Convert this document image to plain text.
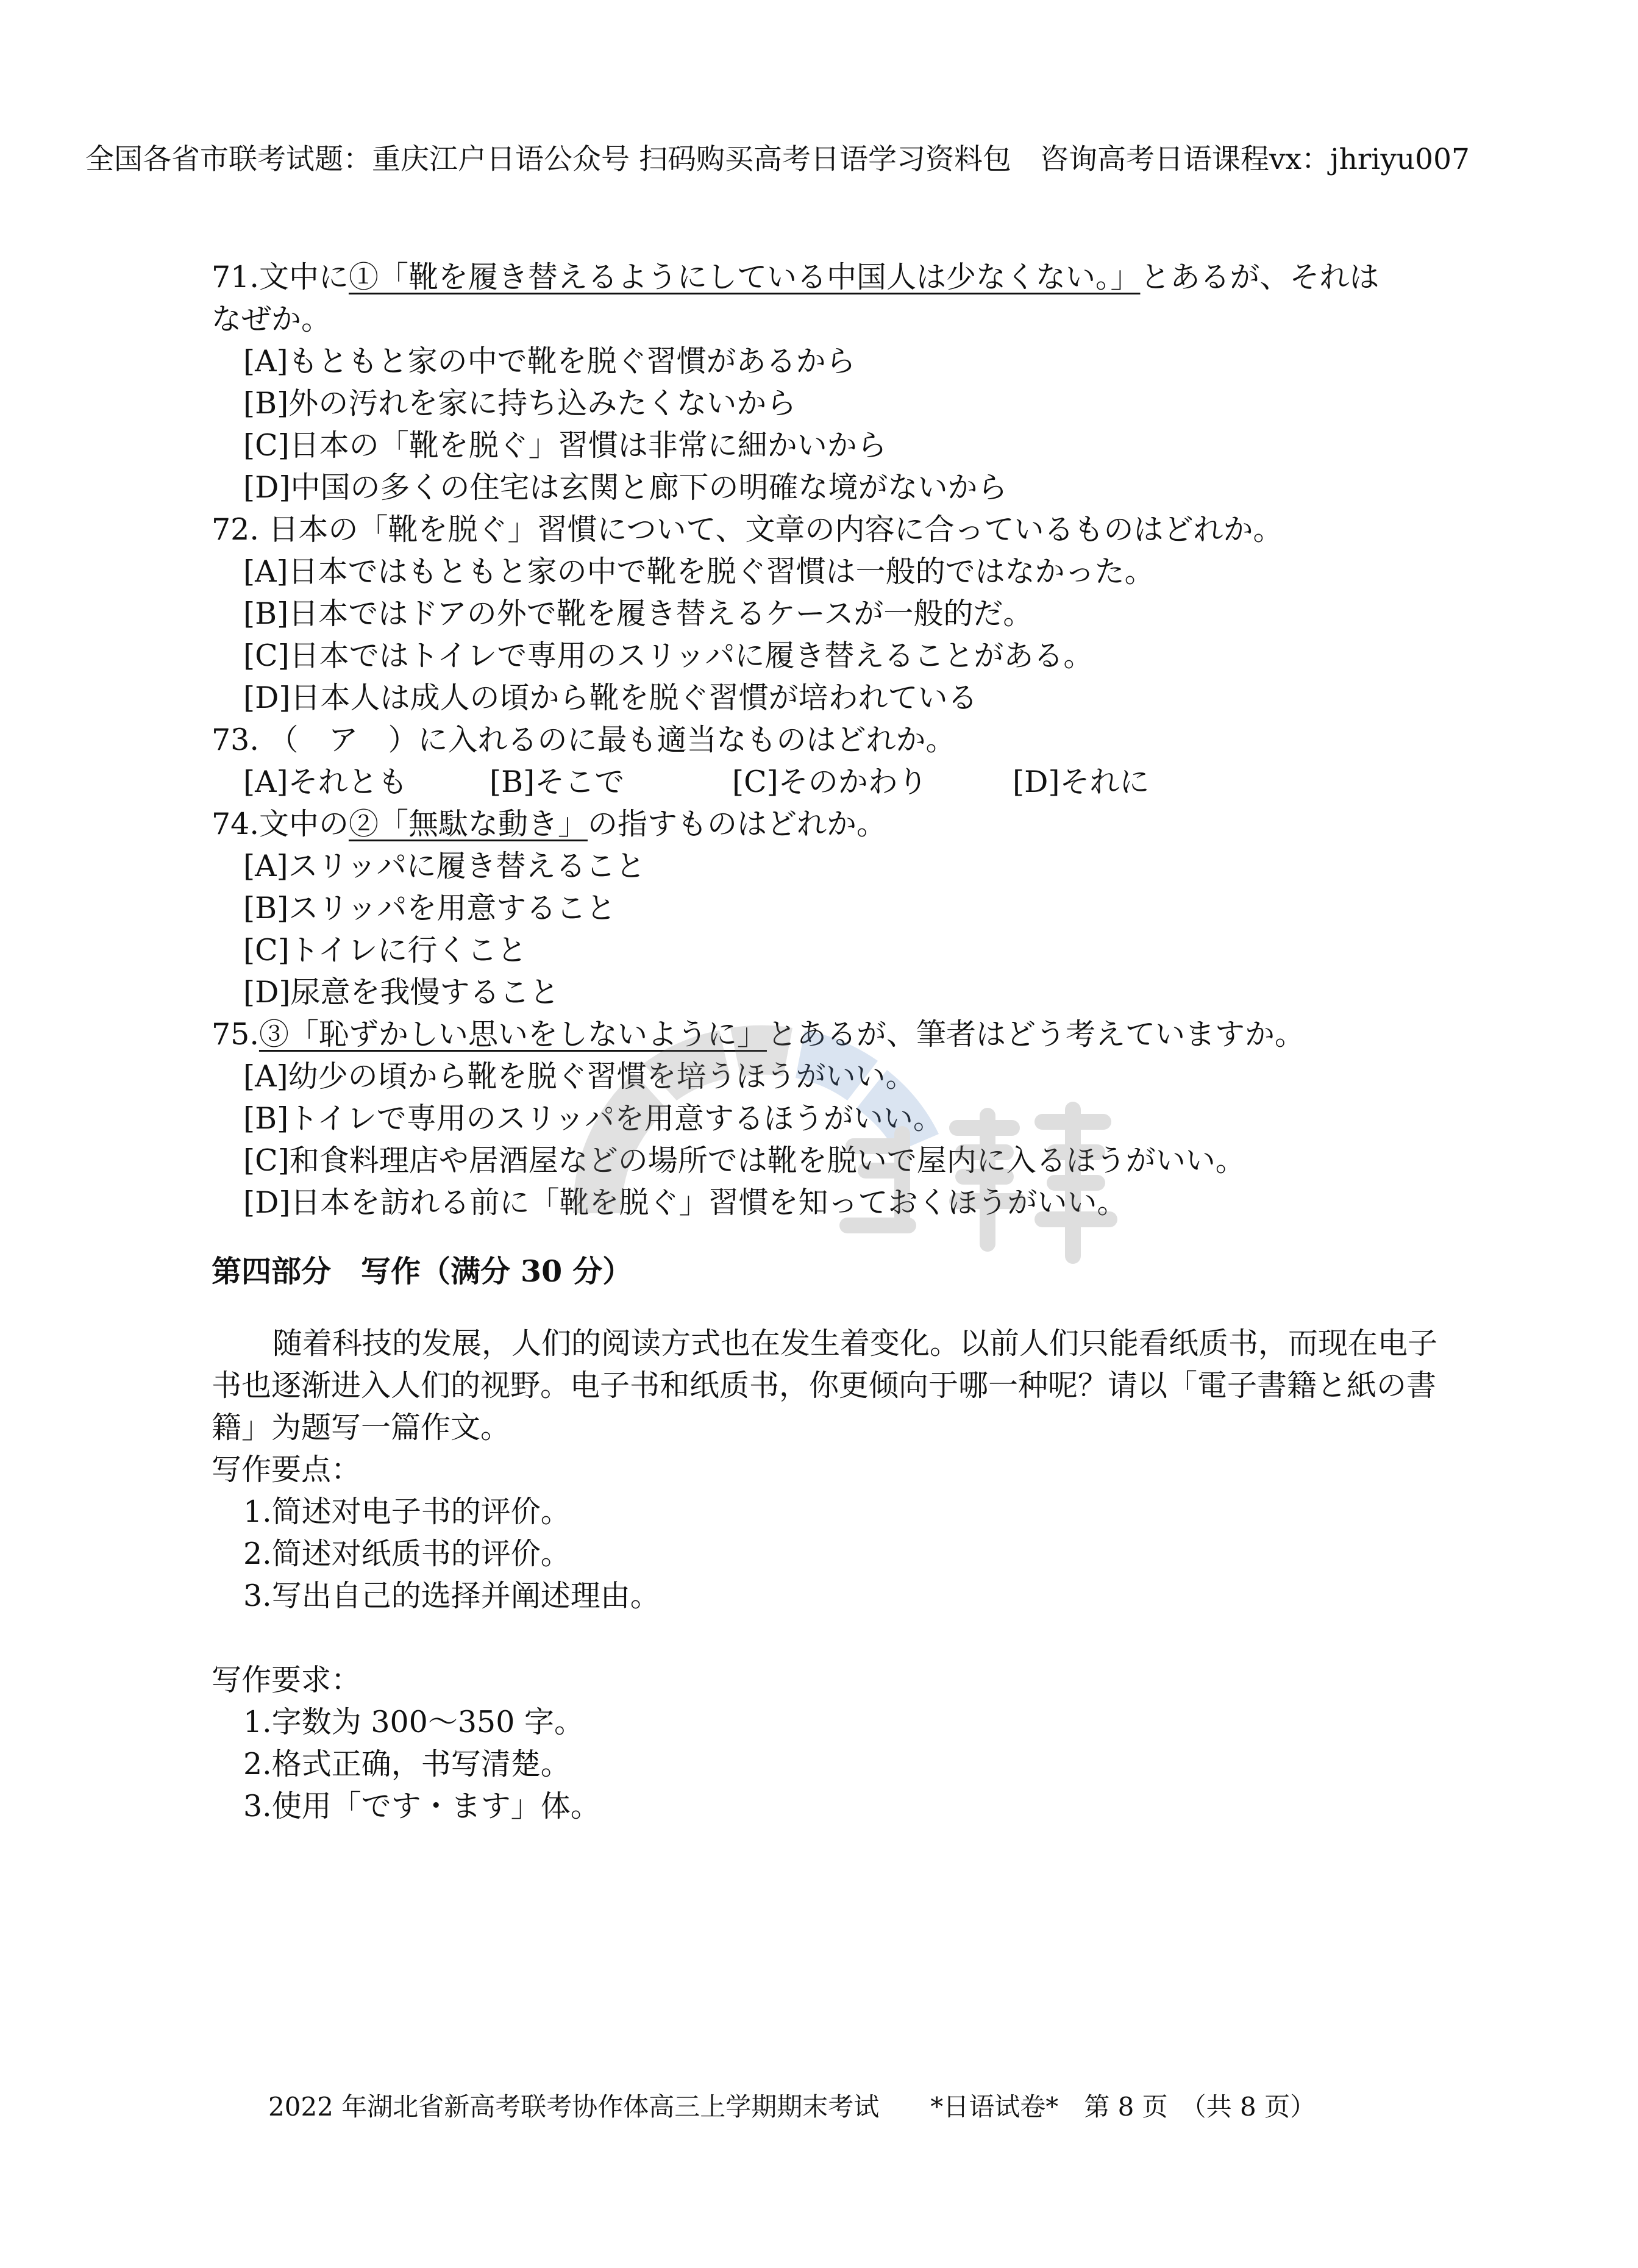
全国各省市联考试题：重庆江户日语公众号 扫码购买高考日语学习资料包　咨询高考日语课程vx：jhriyu007

71.文中に①「靴を履き替えるようにしている中国人は少なくない。」とあるが、それは

なぜか。

[A]もともと家の中で靴を脱ぐ習慣があるから

[B]外の汚れを家に持ち込みたくないから

[C]日本の「靴を脱ぐ」習慣は非常に細かいから

[D]中国の多くの住宅は玄関と廊下の明確な境がないから

72. 日本の「靴を脱ぐ」習慣について、文章の内容に合っているものはどれか。

[A]日本ではもともと家の中で靴を脱ぐ習慣は一般的ではなかった。

[B]日本ではドアの外で靴を履き替えるケースが一般的だ。

[C]日本ではトイレで専用のスリッパに履き替えることがある。

[D]日本人は成人の頃から靴を脱ぐ習慣が培われている

73. （　ア　）に入れるのに最も適当なものはどれか。

[A]それとも	[B]そこで	[C]そのかわり	[D]それに

74.文中の②「無駄な動き」の指すものはどれか。

[A]スリッパに履き替えること

[B]スリッパを用意すること

[C]トイレに行くこと

[D]尿意を我慢すること

75.③「恥ずかしい思いをしないように」とあるが、筆者はどう考えていますか。

[A]幼少の頃から靴を脱ぐ習慣を培うほうがいい。

[B]トイレで専用のスリッパを用意するほうがいい。

[C]和食料理店や居酒屋などの場所では靴を脱いで屋内に入るほうがいい。

[D]日本を訪れる前に「靴を脱ぐ」習慣を知っておくほうがいい。

第四部分　写作（满分 30 分）

随着科技的发展，人们的阅读方式也在发生着变化。以前人们只能看纸质书，而现在电子书也逐渐进入人们的视野。电子书和纸质书，你更倾向于哪一种呢？请以「電子書籍と紙の書籍」为题写一篇作文。

写作要点：

1.简述对电子书的评价。

2.简述对纸质书的评价。

3.写出自己的选择并阐述理由。

写作要求：

1.字数为 300～350 字。

2.格式正确，书写清楚。

3.使用「です・ます」体。

2022 年湖北省新高考联考协作体高三上学期期末考试　　*日语试卷*　第 8 页　（共 8 页）
